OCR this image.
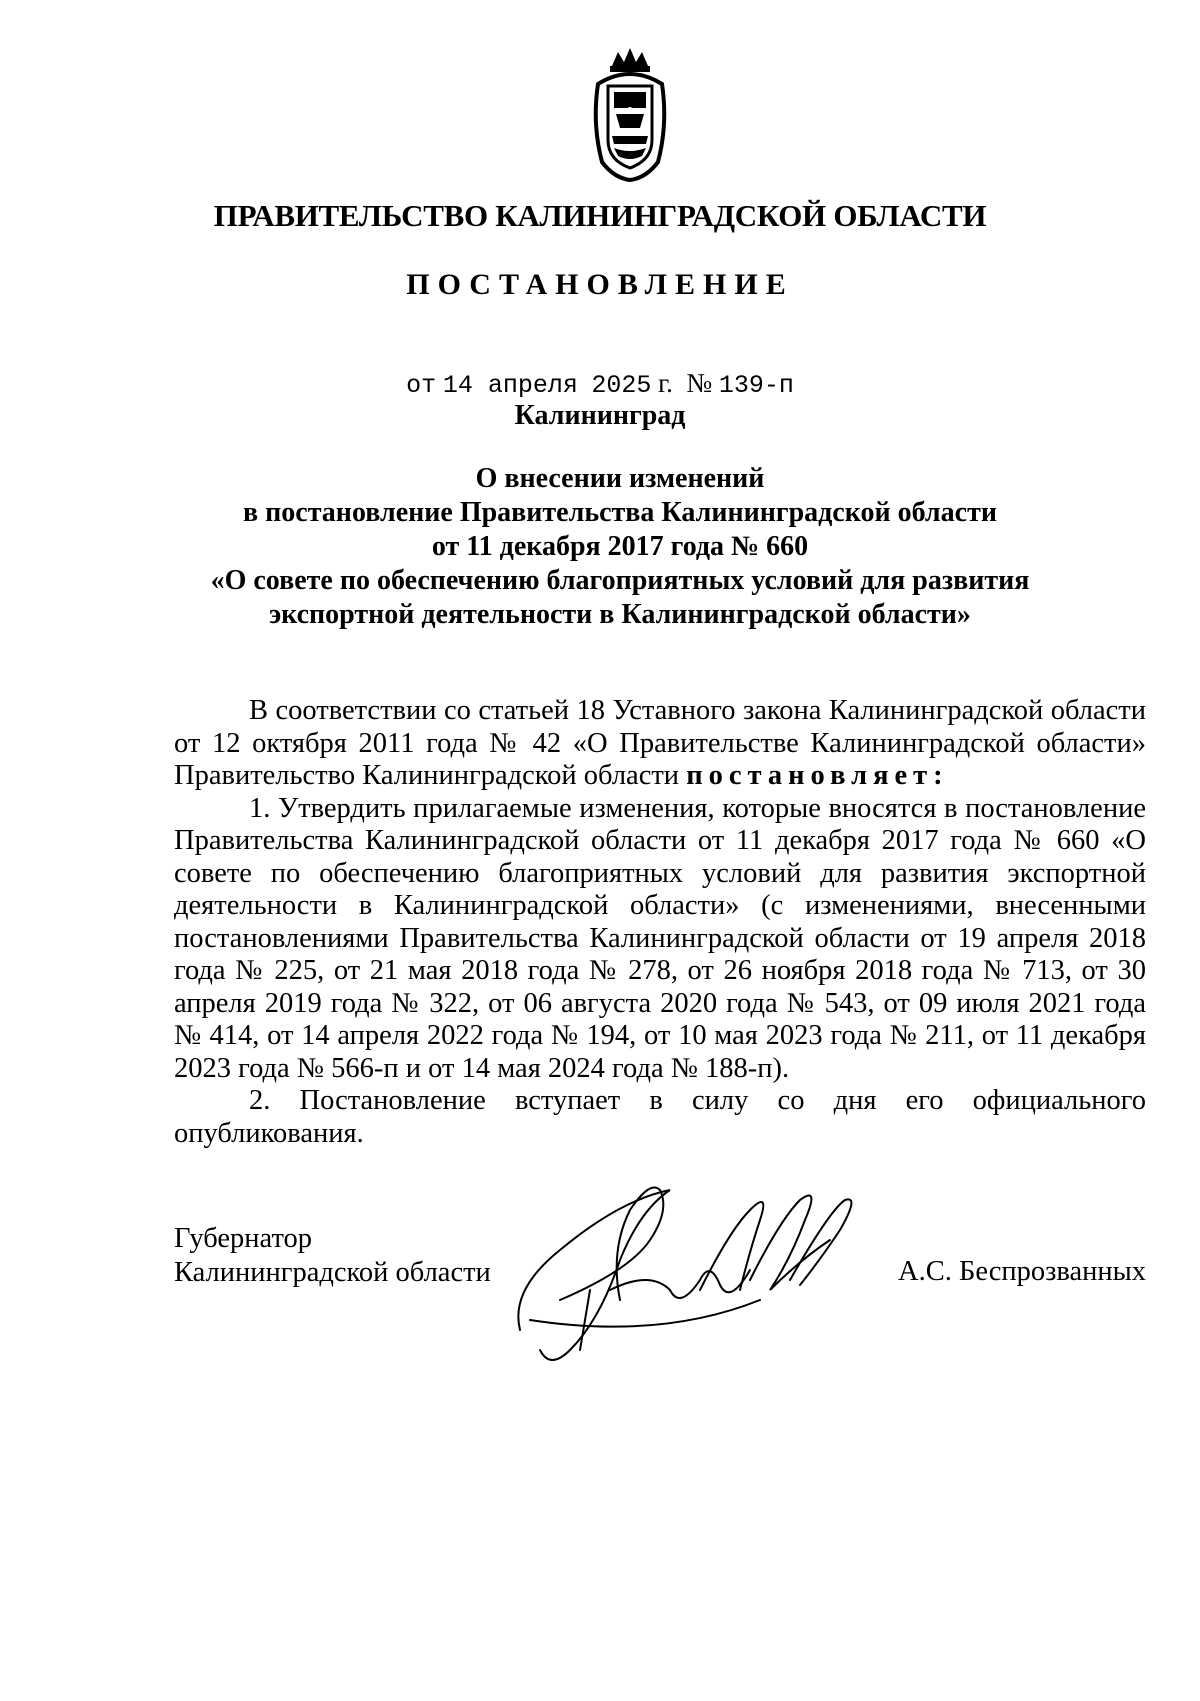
ПРАВИТЕЛЬСТВО КАЛИНИНГРАДСКОЙ ОБЛАСТИ
ПОСТАНОВЛЕНИЕ
от 14 апреля 2025 г. № 139-п
Калининград
О внесении изменений
в постановление Правительства Калининградской области
от 11 декабря 2017 года № 660
«О совете по обеспечению благоприятных условий для развития
экспортной деятельности в Калининградской области»

В соответствии со статьей 18 Уставного закона Калининградской области от 12 октября 2011 года № 42 «О Правительстве Калининградской области» Правительство Калининградской области постановляет:

1. Утвердить прилагаемые изменения, которые вносятся в постановление Правительства Калининградской области от 11 декабря 2017 года № 660 «О совете по обеспечению благоприятных условий для развития экспортной деятельности в Калининградской области» (с изменениями, внесенными постановлениями Правительства Калининградской области от 19 апреля 2018 года № 225, от 21 мая 2018 года № 278, от 26 ноября 2018 года № 713, от 30 апреля 2019 года № 322, от 06 августа 2020 года № 543, от 09 июля 2021 года № 414, от 14 апреля 2022 года № 194, от 10 мая 2023 года № 211, от 11 декабря 2023 года № 566-п и от 14 мая 2024 года № 188-п).

2. Постановление вступает в силу со дня его официального опубликования.

Губернатор
Калининградской области	А.С. Беспрозванных
